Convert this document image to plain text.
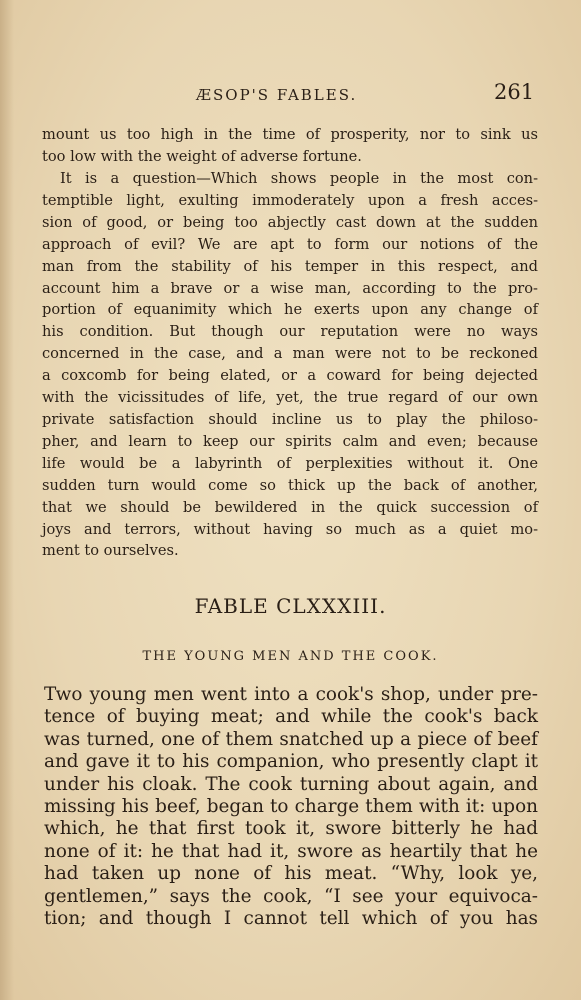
ÆSOP'S FABLES.	261
mount us too high in the time of prosperity, nor to sink us
too low with the weight of adverse fortune.
It is a question—Which shows people in the most con-
temptible light, exulting immoderately upon a fresh acces-
sion of good, or being too abjectly cast down at the sudden
approach of evil? We are apt to form our notions of the
man from the stability of his temper in this respect, and
account him a brave or a wise man, according to the pro-
portion of equanimity which he exerts upon any change of
his condition. But though our reputation were no ways
concerned in the case, and a man were not to be reckoned
a coxcomb for being elated, or a coward for being dejected
with the vicissitudes of life, yet, the true regard of our own
private satisfaction should incline us to play the philoso-
pher, and learn to keep our spirits calm and even; because
life would be a labyrinth of perplexities without it. One
sudden turn would come so thick up the back of another,
that we should be bewildered in the quick succession of
joys and terrors, without having so much as a quiet mo-
ment to ourselves.
FABLE CLXXXIII.
THE YOUNG MEN AND THE COOK.
Two young men went into a cook's shop, under pre-
tence of buying meat; and while the cook's back
was turned, one of them snatched up a piece of beef
and gave it to his companion, who presently clapt it
under his cloak. The cook turning about again, and
missing his beef, began to charge them with it: upon
which, he that first took it, swore bitterly he had
none of it: he that had it, swore as heartily that he
had taken up none of his meat. “Why, look ye,
gentlemen,” says the cook, “I see your equivoca-
tion; and though I cannot tell which of you has
